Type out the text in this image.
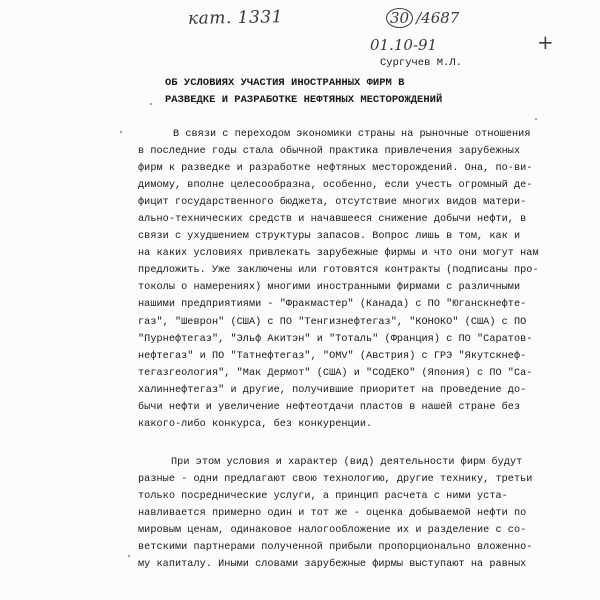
кат. 1331	30 /4687
01.10-91	+
Сургучев М.Л.
ОБ УСЛОВИЯХ УЧАСТИЯ ИНОСТРАННЫХ ФИРМ В
РАЗВЕДКЕ И РАЗРАБОТКЕ НЕФТЯНЫХ МЕСТОРОЖДЕНИЙ
В связи с переходом экономики страны на рыночные отношения
в последние годы стала обычной практика привлечения зарубежных
фирм к разведке и разработке нефтяных месторождений. Она, по-ви-
димому, вполне целесообразна, особенно, если учесть огромный де-
фицит государственного бюджета, отсутствие многих видов матери-
ально-технических средств и начавшееся снижение добычи нефти, в
связи с ухудшением структуры запасов. Вопрос лишь в том, как и
на каких условиях привлекать зарубежные фирмы и что они могут нам
предложить. Уже заключены или готовятся контракты (подписаны про-
токолы о намерениях) многими иностранными фирмами с различными
нашими предприятиями - "Фракмастер" (Канада) с ПО "Юганскнефте-
газ", "Шеврон" (США) с ПО "Тенгизнефтегаз", "КОНОКО" (США) с ПО
"Пурнефтегаз", "Эльф Акитэн" и "Тоталь" (Франция) с ПО "Саратов-
нефтегаз" и ПО "Татнефтегаз", "ОМV" (Австрия) с ГРЭ "Якутскнеф-
тегазгеология", "Мак Дермот" (США) и "СОДЕКО" (Япония) с ПО "Са-
халиннефтегаз" и другие, получившие приоритет на проведение до-
бычи нефти и увеличение нефтеотдачи пластов в нашей стране без
какого-либо конкурса, без конкуренции.
При этом условия и характер (вид) деятельности фирм будут
разные - одни предлагают свою технологию, другие технику, третьи
только посреднические услуги, а принцип расчета с ними уста-
навливается примерно один и тот же - оценка добываемой нефти по
мировым ценам, одинаковое налогообложение их и разделение с со-
ветскими партнерами полученной прибыли пропорционально вложенно-
му капиталу. Иными словами зарубежные фирмы выступают на равных
